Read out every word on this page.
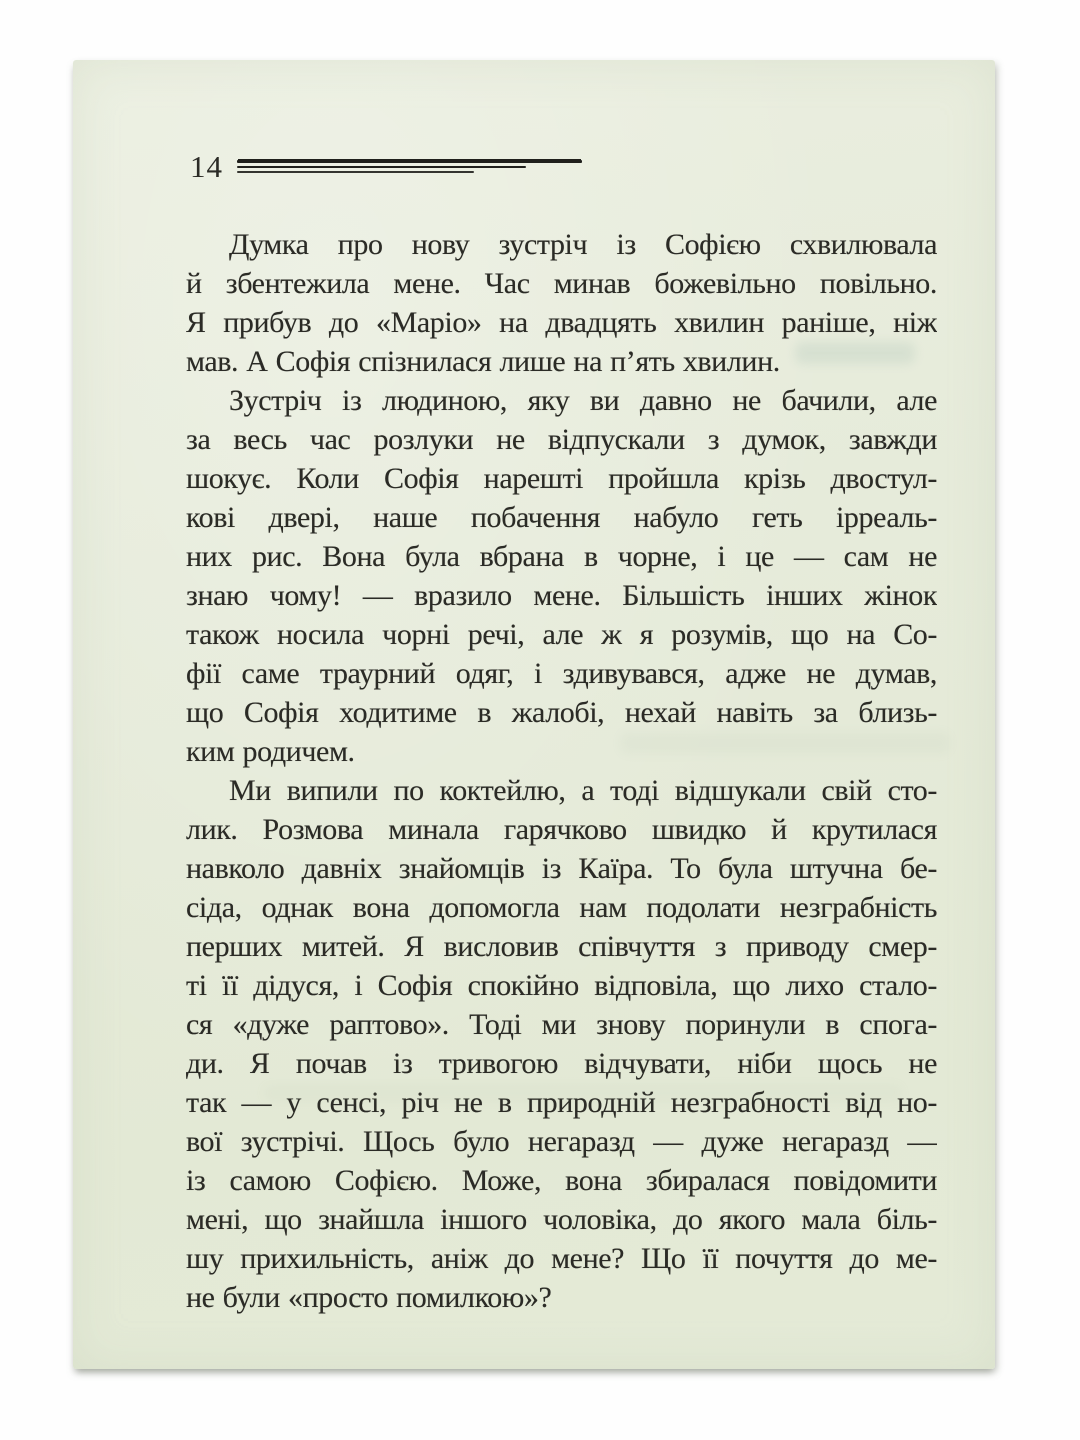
14
Думка про нову зустріч із Софією схвилювала
й збентежила мене. Час минав божевільно повільно.
Я прибув до «Маріо» на двадцять хвилин раніше, ніж
мав. А Софія спізнилася лише на п’ять хвилин.
Зустріч із людиною, яку ви давно не бачили, але
за весь час розлуки не відпускали з думок, завжди
шокує. Коли Софія нарешті пройшла крізь двостул-
кові двері, наше побачення набуло геть ірреаль-
них рис. Вона була вбрана в чорне, і це — сам не
знаю чому! — вразило мене. Більшість інших жінок
також носила чорні речі, але ж я розумів, що на Со-
фії саме траурний одяг, і здивувався, адже не думав,
що Софія ходитиме в жалобі, нехай навіть за близь-
ким родичем.
Ми випили по коктейлю, а тоді відшукали свій сто-
лик. Розмова минала гарячково швидко й крутилася
навколо давніх знайомців із Каїра. То була штучна бе-
сіда, однак вона допомогла нам подолати незграбність
перших митей. Я висловив співчуття з приводу смер-
ті її дідуся, і Софія спокійно відповіла, що лихо стало-
ся «дуже раптово». Тоді ми знову поринули в спога-
ди. Я почав із тривогою відчувати, ніби щось не
так — у сенсі, річ не в природній незграбності від но-
вої зустрічі. Щось було негаразд — дуже негаразд —
із самою Софією. Може, вона збиралася повідомити
мені, що знайшла іншого чоловіка, до якого мала біль-
шу прихильність, аніж до мене? Що її почуття до ме-
не були «просто помилкою»?
